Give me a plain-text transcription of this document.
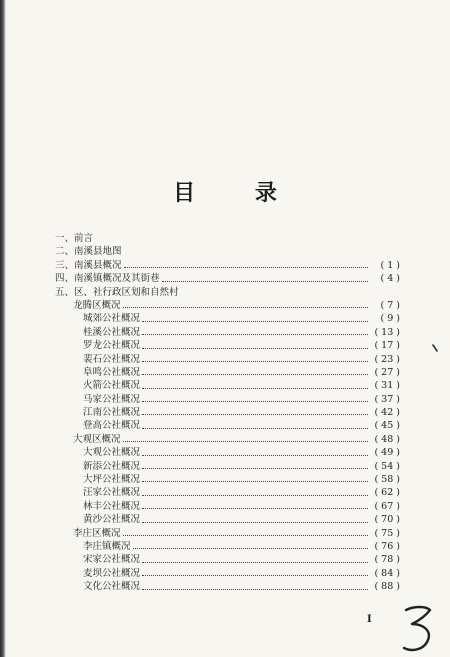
目 录
一、前言
二、南溪县地图
三、南溪县概况	( 1 )
四、南溪镇概况及其街巷	( 4 )
五、区、社行政区划和自然村
龙腾区概况	( 7 )
城郊公社概况	( 9 )
桂溪公社概况	( 13 )
罗龙公社概况	( 17 )
裴石公社概况	( 23 )
阜鸣公社概况	( 27 )
火箭公社概况	( 31 )
马家公社概况	( 37 )
江南公社概况	( 42 )
登高公社概况	( 45 )
大观区概况	( 48 )
大观公社概况	( 49 )
新添公社概况	( 54 )
大坪公社概况	( 58 )
汪家公社概况	( 62 )
林丰公社概况	( 67 )
黄沙公社概况	( 70 )
李庄区概况	( 75 )
李庄镇概况	( 76 )
宋家公社概况	( 78 )
麦坝公社概况	( 84 )
文化公社概况	( 88 )
I
